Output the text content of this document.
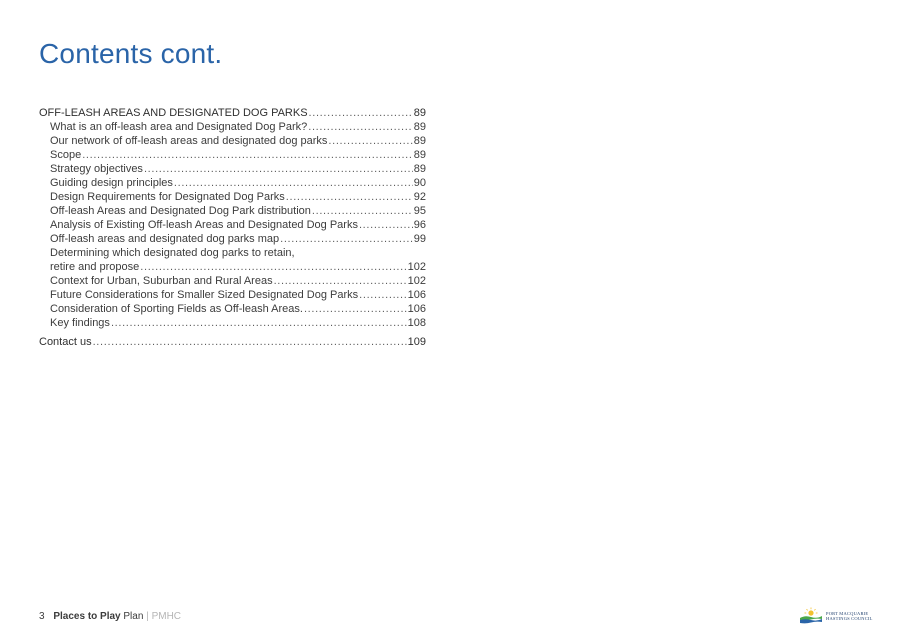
Contents cont.
OFF-LEASH AREAS AND DESIGNATED DOG PARKS . . .	89
What is an off-leash area and Designated Dog Park? . . .	89
Our network of off-leash areas and designated dog parks . . .	89
Scope . . .	89
Strategy objectives . . .	89
Guiding design principles . . .	90
Design Requirements for Designated Dog Parks . . .	92
Off-leash Areas and Designated Dog Park distribution . . .	95
Analysis of Existing Off-leash Areas and Designated Dog Parks . . .	96
Off-leash areas and designated dog parks map . . .	99
Determining which designated dog parks to retain,
retire and propose . . .	102
Context for Urban, Suburban and Rural Areas . . .	102
Future Considerations for Smaller Sized Designated Dog Parks . . .	106
Consideration of Sporting Fields as Off-leash Areas. . . .	106
Key findings . . .	108
Contact us . . .	109
3 Places to Play Plan | PMHC	PORT MACQUARIE
HASTINGS COUNCIL
